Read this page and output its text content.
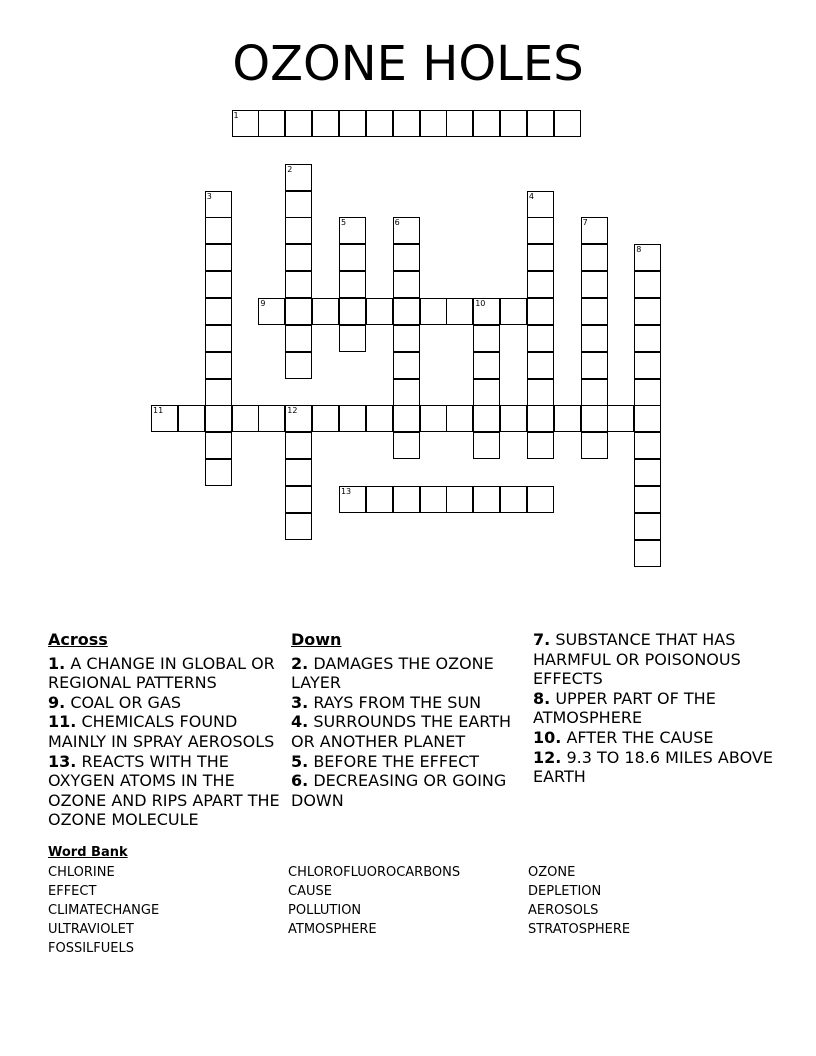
OZONE HOLES
1
2
3	4
5	6	7
8
9	10
11	12
13
Across
1. A CHANGE IN GLOBAL OR REGIONAL PATTERNS
9. COAL OR GAS
11. CHEMICALS FOUND MAINLY IN SPRAY AEROSOLS
13. REACTS WITH THE OXYGEN ATOMS IN THE OZONE AND RIPS APART THE OZONE MOLECULE
Down
2. DAMAGES THE OZONE LAYER
3. RAYS FROM THE SUN
4. SURROUNDS THE EARTH OR ANOTHER PLANET
5. BEFORE THE EFFECT
6. DECREASING OR GOING DOWN
7. SUBSTANCE THAT HAS HARMFUL OR POISONOUS EFFECTS
8. UPPER PART OF THE ATMOSPHERE
10. AFTER THE CAUSE
12. 9.3 TO 18.6 MILES ABOVE EARTH
Word Bank
CHLORINE
EFFECT
CLIMATECHANGE
ULTRAVIOLET
FOSSILFUELS
CHLOROFLUOROCARBONS
CAUSE
POLLUTION
ATMOSPHERE
OZONE
DEPLETION
AEROSOLS
STRATOSPHERE
